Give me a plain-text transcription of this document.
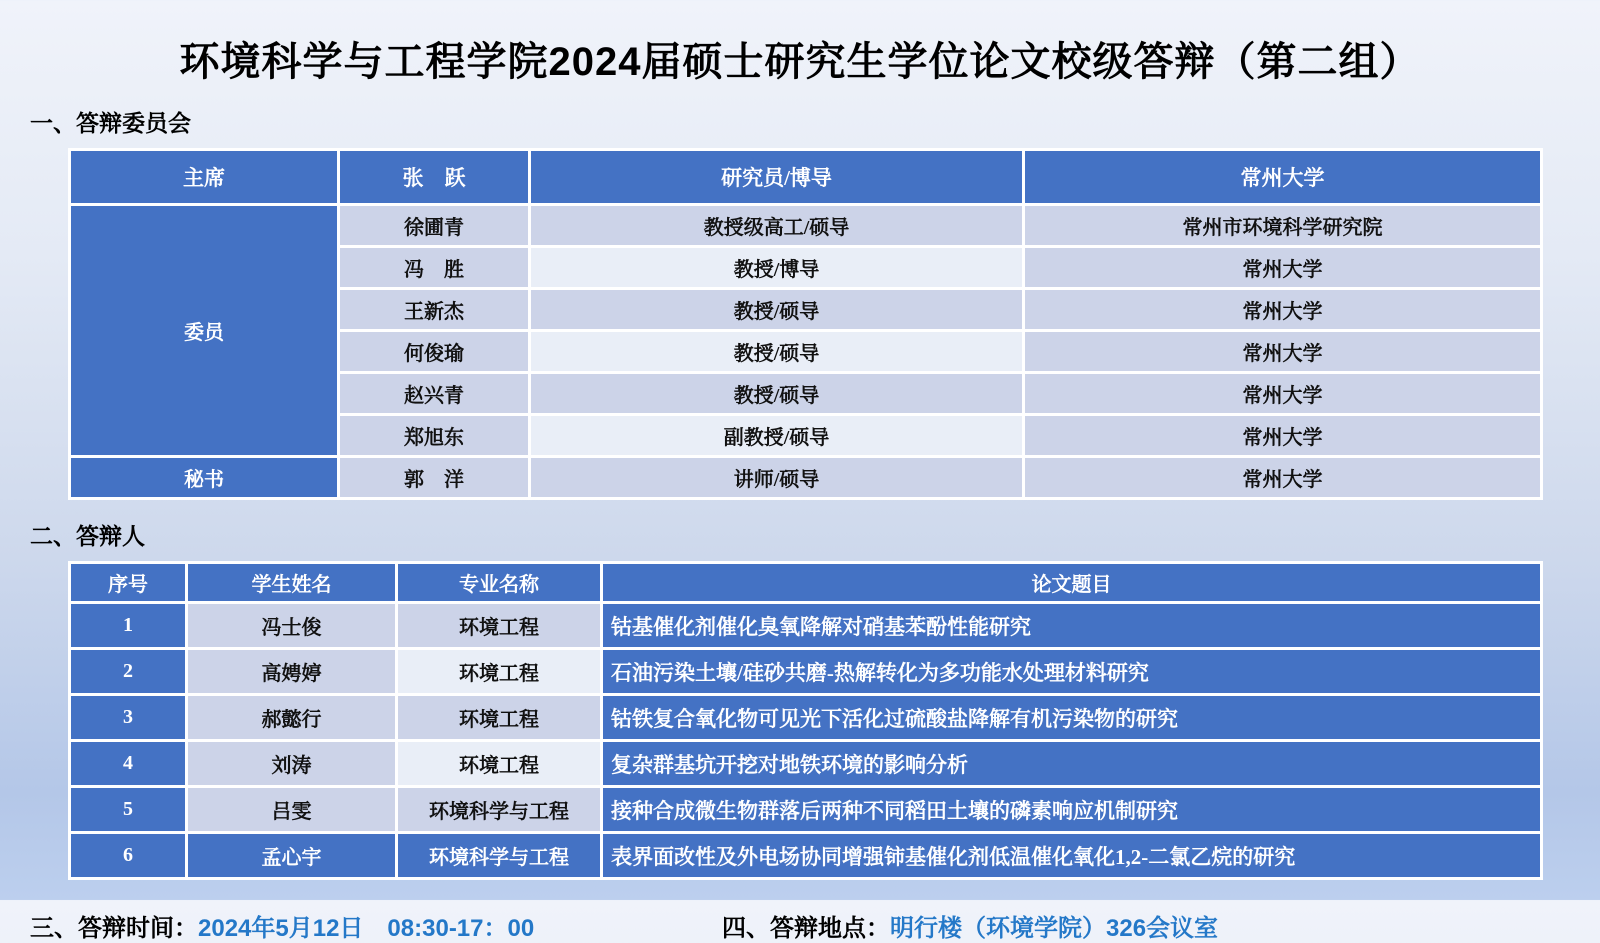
环境科学与工程学院2024届硕士研究生学位论文校级答辩（第二组）
一、答辩委员会
主席	张　跃	研究员/博导	常州大学
委员	徐圃青	教授级高工/硕导	常州市环境科学研究院
	冯　胜	教授/博导	常州大学
	王新杰	教授/硕导	常州大学
	何俊瑜	教授/硕导	常州大学
	赵兴青	教授/硕导	常州大学
	郑旭东	副教授/硕导	常州大学
秘书	郭　洋	讲师/硕导	常州大学
二、答辩人
序号	学生姓名	专业名称	论文题目
1	冯士俊	环境工程	钴基催化剂催化臭氧降解对硝基苯酚性能研究
2	高娉婷	环境工程	石油污染土壤/硅砂共磨-热解转化为多功能水处理材料研究
3	郝懿行	环境工程	钴铁复合氧化物可见光下活化过硫酸盐降解有机污染物的研究
4	刘涛	环境工程	复杂群基坑开挖对地铁环境的影响分析
5	吕雯	环境科学与工程	接种合成微生物群落后两种不同稻田土壤的磷素响应机制研究
6	孟心宇	环境科学与工程	表界面改性及外电场协同增强铈基催化剂低温催化氧化1,2-二氯乙烷的研究
三、答辩时间：2024年5月12日　08:30-17：00	四、答辩地点：明行楼（环境学院）326会议室
